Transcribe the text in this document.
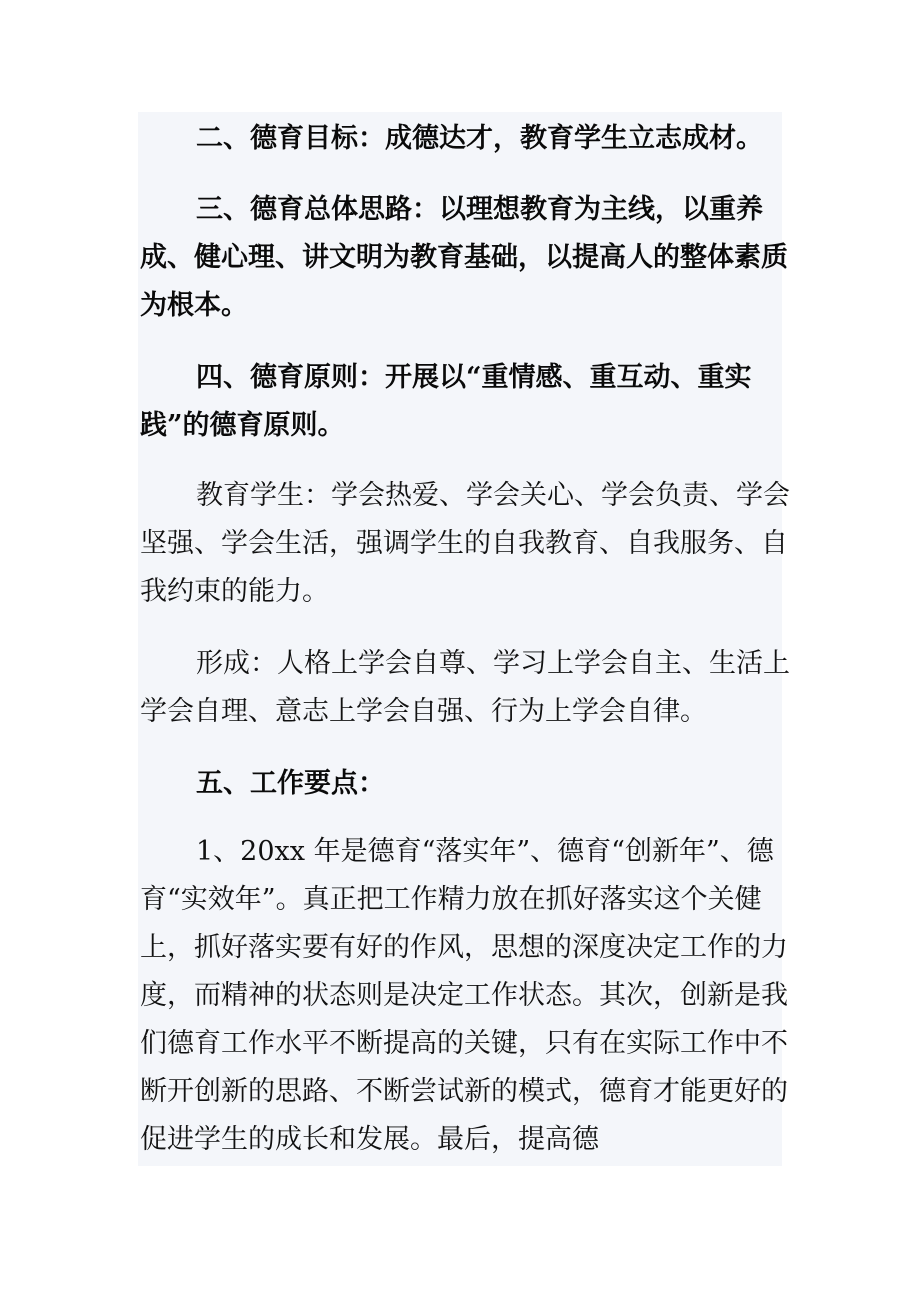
二、德育目标：成德达才，教育学生立志成材。

三、德育总体思路：以理想教育为主线，以重养成、健心理、讲文明为教育基础，以提高人的整体素质为根本。

四、德育原则：开展以“重情感、重互动、重实践”的德育原则。

教育学生：学会热爱、学会关心、学会负责、学会坚强、学会生活，强调学生的自我教育、自我服务、自我约束的能力。

形成：人格上学会自尊、学习上学会自主、生活上学会自理、意志上学会自强、行为上学会自律。

五、工作要点：

1、20xx 年是德育“落实年”、德育“创新年”、德育“实效年”。真正把工作精力放在抓好落实这个关健上，抓好落实要有好的作风，思想的深度决定工作的力度，而精神的状态则是决定工作状态。其次，创新是我们德育工作水平不断提高的关键，只有在实际工作中不断开创新的思路、不断尝试新的模式，德育才能更好的促进学生的成长和发展。最后，提高德
